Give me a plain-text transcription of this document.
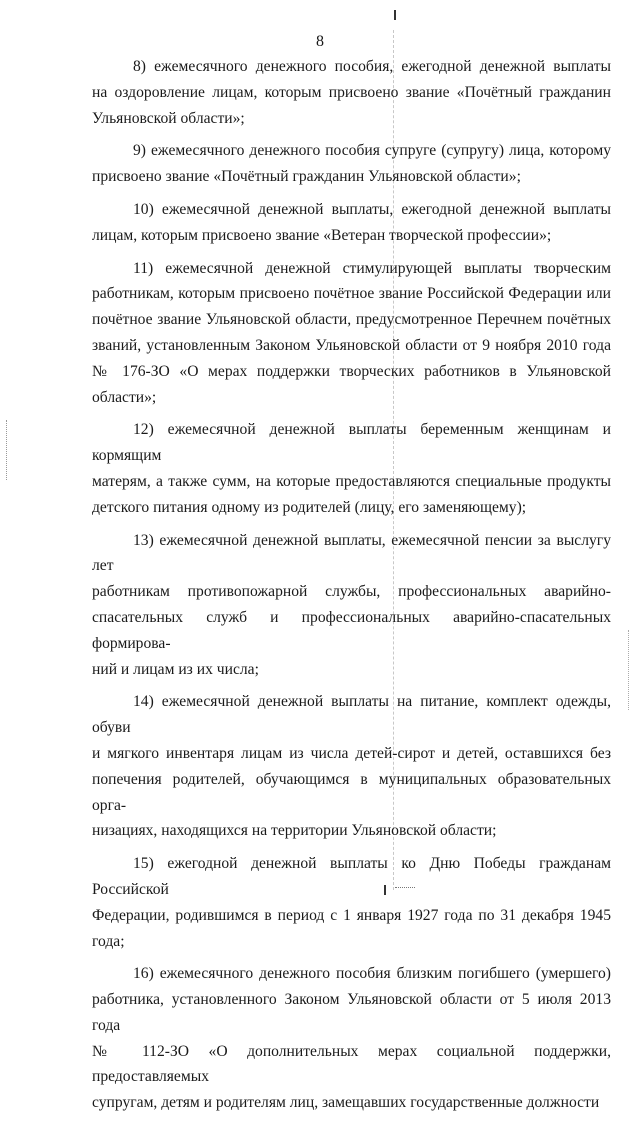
8
8) ежемесячного денежного пособия, ежегодной денежной выплаты
на оздоровление лицам, которым присвоено звание «Почётный гражданин
Ульяновской области»;
9) ежемесячного денежного пособия супруге (супругу) лица, которому
присвоено звание «Почётный гражданин Ульяновской области»;
10) ежемесячной денежной выплаты, ежегодной денежной выплаты
лицам, которым присвоено звание «Ветеран творческой профессии»;
11) ежемесячной денежной стимулирующей выплаты творческим
работникам, которым присвоено почётное звание Российской Федерации или
почётное звание Ульяновской области, предусмотренное Перечнем почётных
званий, установленным Законом Ульяновской области от 9 ноября 2010 года
№ 176-ЗО «О мерах поддержки творческих работников в Ульяновской
области»;
12) ежемесячной денежной выплаты беременным женщинам и кормящим
матерям, а также сумм, на которые предоставляются специальные продукты
детского питания одному из родителей (лицу, его заменяющему);
13) ежемесячной денежной выплаты, ежемесячной пенсии за выслугу лет
работникам противопожарной службы, профессиональных аварийно-
спасательных служб и профессиональных аварийно-спасательных формирова-
ний и лицам из их числа;
14) ежемесячной денежной выплаты на питание, комплект одежды, обуви
и мягкого инвентаря лицам из числа детей-сирот и детей, оставшихся без
попечения родителей, обучающимся в муниципальных образовательных орга-
низациях, находящихся на территории Ульяновской области;
15) ежегодной денежной выплаты ко Дню Победы гражданам Российской
Федерации, родившимся в период с 1 января 1927 года по 31 декабря 1945 года;
16) ежемесячного денежного пособия близким погибшего (умершего)
работника, установленного Законом Ульяновской области от 5 июля 2013 года
№ 112-ЗО «О дополнительных мерах социальной поддержки, предоставляемых
супругам, детям и родителям лиц, замещавших государственные должности
